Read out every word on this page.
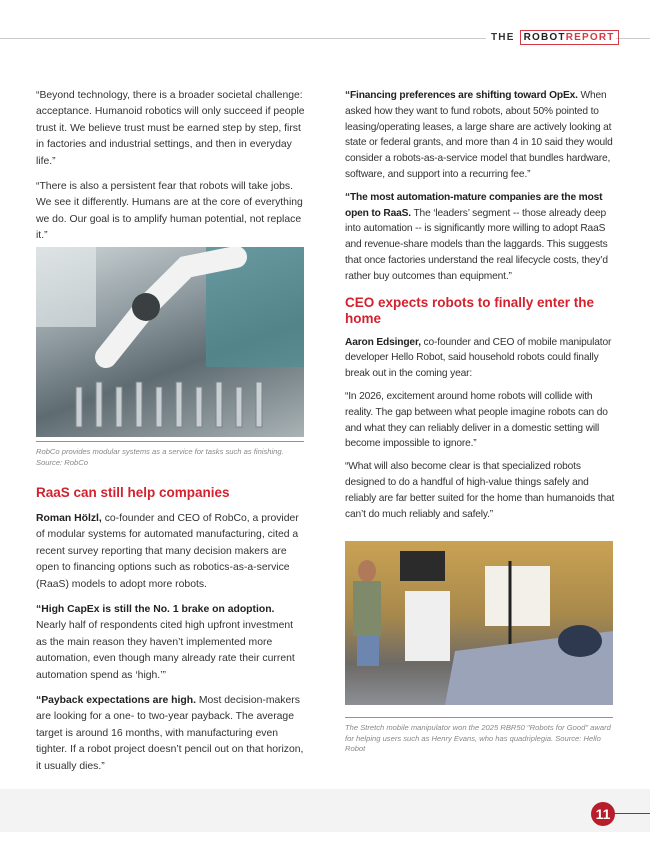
THE ROBOTREPORT

“Beyond technology, there is a broader societal challenge: acceptance. Humanoid robotics will only succeed if people trust it. We believe trust must be earned step by step, first in factories and industrial settings, and then in everyday life.”

“There is also a persistent fear that robots will take jobs. We see it differently. Humans are at the core of everything we do. Our goal is to amplify human potential, not replace it.”

RobCo provides modular systems as a service for tasks such as finishing. Source: RobCo
RaaS can still help companies

Roman Hölzl, co-founder and CEO of RobCo, a provider of modular systems for automated manufacturing, cited a recent survey reporting that many decision makers are open to financing options such as robotics-as-a-service (RaaS) models to adopt more robots.

“High CapEx is still the No. 1 brake on adoption. Nearly half of respondents cited high upfront investment as the main reason they haven’t implemented more automation, even though many already rate their current automation spend as ‘high.’”

“Payback expectations are high. Most decision-makers are looking for a one- to two-year payback. The average target is around 16 months, with manufacturing even tighter. If a robot project doesn’t pencil out on that horizon, it usually dies.”

“Financing preferences are shifting toward OpEx. When asked how they want to fund robots, about 50% pointed to leasing/operating leases, a large share are actively looking at state or federal grants, and more than 4 in 10 said they would consider a robots-as-a-service model that bundles hardware, software, and support into a recurring fee.”

“The most automation-mature companies are the most open to RaaS. The ‘leaders’ segment -- those already deep into automation -- is significantly more willing to adopt RaaS and revenue-share models than the laggards. This suggests that once factories understand the real lifecycle costs, they’d rather buy outcomes than equipment.”

CEO expects robots to finally enter the home

Aaron Edsinger, co-founder and CEO of mobile manipulator developer Hello Robot, said household robots could finally break out in the coming year:

“In 2026, excitement around home robots will collide with reality. The gap between what people imagine robots can do and what they can reliably deliver in a domestic setting will become impossible to ignore.”

“What will also become clear is that specialized robots designed to do a handful of high-value things safely and reliably are far better suited for the home than humanoids that can’t do much reliably and safely.”

The Stretch mobile manipulator won the 2025 RBR50 "Robots for Good" award for helping users such as Henry Evans, who has quadriplegia. Source: Hello Robot
11
